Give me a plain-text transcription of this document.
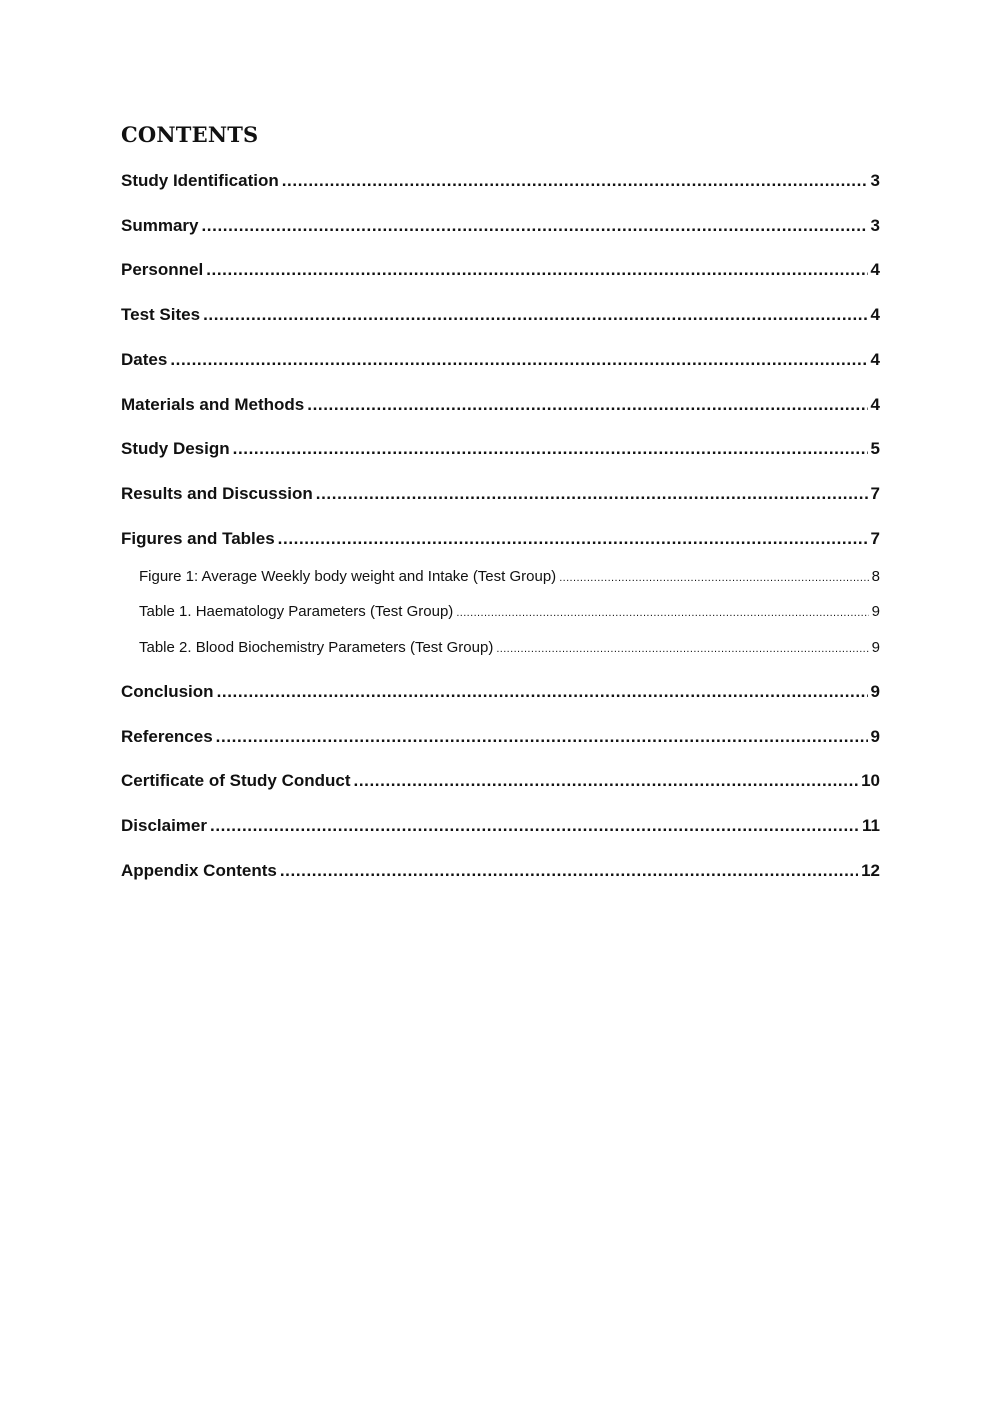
CONTENTS
Study Identification .....	3
Summary .....	3
Personnel .....	4
Test Sites .....	4
Dates .....	4
Materials and Methods .....	4
Study Design .....	5
Results and Discussion .....	7
Figures and Tables .....	7
Figure 1: Average Weekly body weight and Intake (Test Group) .....	8
Table 1. Haematology Parameters (Test Group) .....	9
Table 2. Blood Biochemistry Parameters (Test Group) .....	9
Conclusion .....	9
References .....	9
Certificate of Study Conduct .....	10
Disclaimer .....	11
Appendix Contents .....	12
